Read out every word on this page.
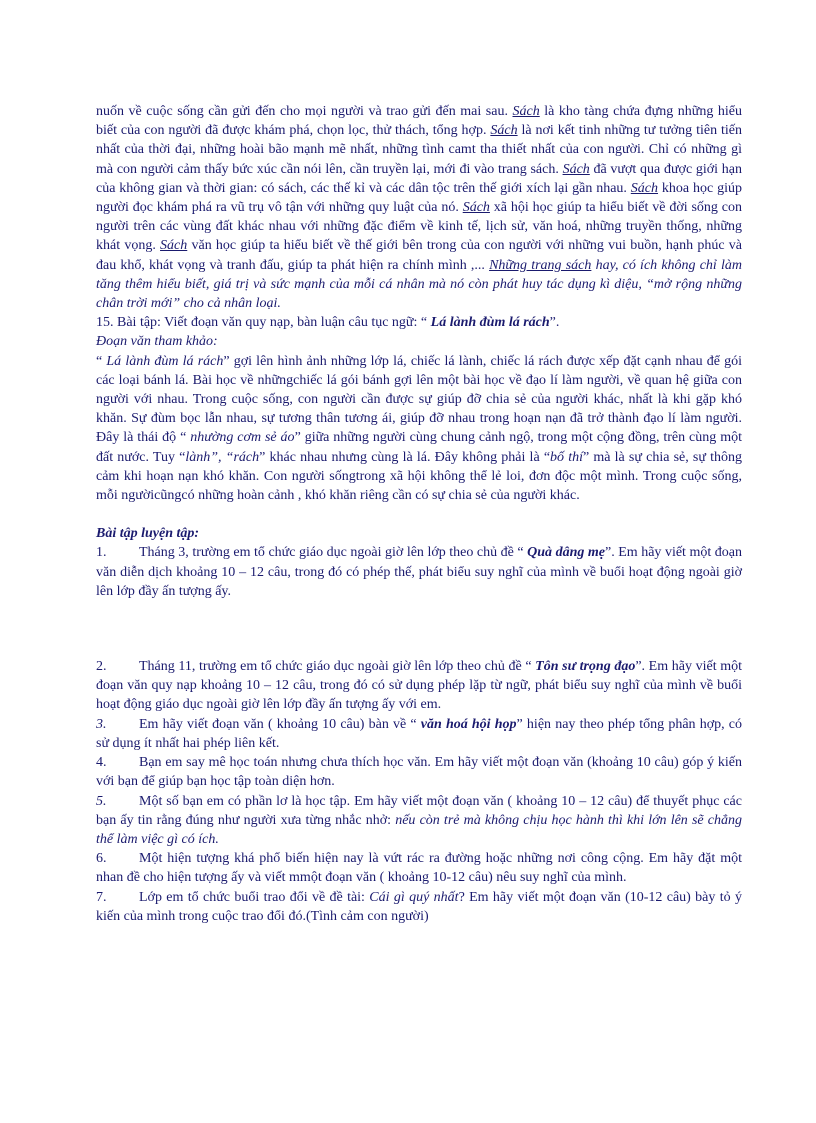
nuốn về cuộc sống cần gửi đến cho mọi người và trao gửi đến mai sau. Sách là kho tàng chứa đựng những hiểu biết của con người đã được khám phá, chọn lọc, thử thách, tổng hợp. Sách là nơi kết tinh những tư tưởng tiên tiến nhất của thời đại, những hoài bão mạnh mẽ nhất, những tình camt tha thiết nhất của con người. Chỉ có những gì mà con người cảm thấy bức xúc cần nói lên, cần truyền lại, mới đi vào trang sách. Sách đã vượt qua được giới hạn của không gian và thời gian: có sách, các thế kỉ và các dân tộc trên thế giới xích lại gần nhau. Sách khoa học giúp người đọc khám phá ra vũ trụ vô tận với những quy luật của nó. Sách xã hội học giúp ta hiểu biết về đời sống con người trên các vùng đất khác nhau với những đặc điểm về kinh tế, lịch sử, văn hoá, những truyền thống, những khát vọng. Sách văn học giúp ta hiểu biết về thế giới bên trong của con người với những vui buồn, hạnh phúc và đau khổ, khát vọng và tranh đấu, giúp ta phát hiện ra chính mình ,... Những trang sách hay, có ích không chỉ làm tăng thêm hiểu biết, giá trị và sức mạnh của mỗi cá nhân mà nó còn phát huy tác dụng kì diệu, “mở rộng những chân trời mới” cho cả nhân loại.

15. Bài tập: Viết đoạn văn quy nạp, bàn luận câu tục ngữ: “ Lá lành đùm lá rách”.

Đoạn văn tham khảo:

“ Lá lành đùm lá rách” gợi lên hình ảnh những lớp lá, chiếc lá lành, chiếc lá rách được xếp đặt cạnh nhau để gói các loại bánh lá. Bài học về nhữngchiếc lá gói bánh gợi lên một bài học về đạo lí làm người, về quan hệ giữa con người với nhau. Trong cuộc sống, con người cần được sự giúp đỡ chia sẻ của người khác, nhất là khi gặp khó khăn. Sự đùm bọc lẫn nhau, sự tương thân tương ái, giúp đỡ nhau trong hoạn nạn đã trở thành đạo lí làm người. Đây là thái độ “ nhường cơm sẻ áo” giữa những người cùng chung cảnh ngộ, trong một cộng đồng, trên cùng một đất nước. Tuy “lành”, “rách” khác nhau nhưng cùng là lá. Đây không phải là “bố thí” mà là sự chia sẻ, sự thông cảm khi hoạn nạn khó khăn. Con người sốngtrong xã hội không thể lẻ loi, đơn độc một mình. Trong cuộc sống, mỗi ngườicũngcó những hoàn cảnh , khó khăn riêng cần có sự chia sẻ của người khác.

Bài tập luyện tập:

1. Tháng 3, trường em tổ chức giáo dục ngoài giờ lên lớp theo chủ đề “ Quà dâng mẹ”. Em hãy viết một đoạn văn diễn dịch khoảng 10 – 12 câu, trong đó có phép thế, phát biểu suy nghĩ của mình về buổi hoạt động ngoài giờ lên lớp đầy ấn tượng ấy.

2. Tháng 11, trường em tổ chức giáo dục ngoài giờ lên lớp theo chủ đề “ Tôn sư trọng đạo”. Em hãy viết một đoạn văn quy nạp khoảng 10 – 12 câu, trong đó có sử dụng phép lặp từ ngữ, phát biểu suy nghĩ của mình về buổi hoạt động giáo dục ngoài giờ lên lớp đầy ấn tượng ấy với em.

3. Em hãy viết đoạn văn ( khoảng 10 câu) bàn về “ văn hoá hội họp” hiện nay theo phép tổng phân hợp, có sử dụng ít nhất hai phép liên kết.

4. Bạn em say mê học toán nhưng chưa thích học văn. Em hãy viết một đoạn văn (khoảng 10 câu) góp ý kiến với bạn để giúp bạn học tập toàn diện hơn.

5. Một số bạn em có phần lơ là học tập. Em hãy viết một đoạn văn ( khoảng 10 – 12 câu) để thuyết phục các bạn ấy tin rằng đúng như người xưa từng nhắc nhở: nếu còn trẻ mà không chịu học hành thì khi lớn lên sẽ chẳng thể làm việc gì có ích.

6. Một hiện tượng khá phổ biến hiện nay là vứt rác ra đường hoặc những nơi công cộng. Em hãy đặt một nhan đề cho hiện tượng ấy và viết mmột đoạn văn ( khoảng 10-12 câu) nêu suy nghĩ của mình.

7. Lớp em tổ chức buổi trao đổi về đề tài: Cái gì quý nhất? Em hãy viết một đoạn văn (10-12 câu) bày tỏ ý kiến của mình trong cuộc trao đổi đó.(Tình cảm con người)
